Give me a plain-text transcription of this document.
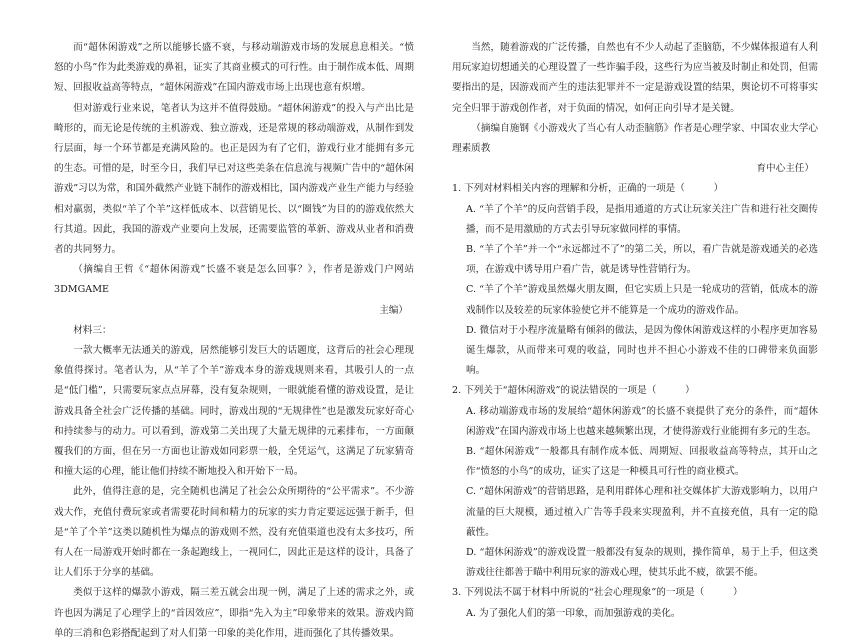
而“超休闲游戏”之所以能够长盛不衰，与移动端游戏市场的发展息息相关。“愤怒的小鸟”作为此类游戏的鼻祖，证实了其商业模式的可行性。由于制作成本低、周期短、回报收益高等特点，“超休闲游戏”在国内游戏市场上出现也意有炽增。

但对游戏行业来说，笔者认为这并不值得鼓励。“超休闲游戏”的投入与产出比是畸形的，而无论是传统的主机游戏、独立游戏，还是常规的移动端游戏，从制作到发行层面，每一个环节都是充满风险的。也正是因为有了它们，游戏行业才能拥有多元的生态。可惜的是，时至今日，我们早已对这些美条在信息流与视频广告中的“超休闲游戏”习以为常，和国外截然产业链下制作的游戏相比，国内游戏产业生产能力与经验相对羸弱，类似“羊了个羊”这样低成本、以营销见长、以“圈钱”为目的的游戏依然大行其道。因此，我国的游戏产业要向上发展，还需要监管的革新、游戏从业者和消费者的共同努力。

（摘编自王哲《“超休闲游戏”长盛不衰是怎么回事？》，作者是游戏门户网站 3DMGAME

主编）

材料三：

一款大概率无法通关的游戏，居然能够引发巨大的话题度，这背后的社会心理现象值得探讨。笔者认为，从“羊了个羊”游戏本身的游戏规则来看，其吸引人的一点是“低门槛”，只需要玩家点点屏幕，没有复杂规则，一眼就能看懂的游戏设置，是让游戏具备全社会广泛传播的基础。同时，游戏出现的“无规律性”也是激发玩家好奇心和持续参与的动力。可以看到，游戏第二关出现了大量无规律的元素排布，一方面颠覆我们的方面，但在另一方面也让游戏如同彩票一般，全凭运气，这满足了玩家猜奇和撞大运的心理，能让他们持续不断地投入和开始下一局。

此外，值得注意的是，完全随机也满足了社会公众所期待的“公平需求”。不少游戏大作，充值付费玩家或者需要花时间和精力的玩家的实力肯定要远远强于新手，但是“羊了个羊”这类以随机性为爆点的游戏则不然，没有充值渠道也没有太多技巧，所有人在一局游戏开始时都在一条起跑线上，一视同仁，因此正是这样的设计，具备了让人们乐于分享的基础。

类似于这样的爆款小游戏，隔三差五就会出现一例，满足了上述的需求之外，或许也因为满足了心理学上的“首因效应”，即指“先入为主”印象带来的效果。游戏内简单的三消和色彩搭配起到了对人们第一印象的美化作用，进而强化了其传播效果。

当然，随着游戏的广泛传播，自然也有不少人动起了歪脑筋，不少媒体报道有人利用玩家迫切想通关的心理设置了一些诈骗手段，这些行为应当被及时制止和处罚，但需要指出的是，因游戏而产生的违法犯罪并不一定是游戏设置的结果，舆论切不可将事实完全归罪于游戏创作者，对于负面的情况，如何正向引导才是关键。

（摘编自施钢《小游戏火了当心有人动歪脑筋》作者是心理学家、中国农业大学心理素质教

育中心主任）

1. 下列对材料相关内容的理解和分析，正确的一项是（　　　）

A. “羊了个羊”的反向营销手段，是指用通道的方式让玩家关注广告和进行社交圈传播，而不是用激励的方式去引导玩家做同样的事情。

B. “羊了个羊”并一个“永远都过不了”的第二关，所以，看广告就是游戏通关的必选项，在游戏中诱导用户看广告，就是诱导性营销行为。

C. “羊了个羊”游戏虽然爆火朋友圈，但它实质上只是一轮成功的营销，低成本的游戏制作以及较差的玩家体验使它并不能算是一个成功的游戏作品。

D. 微信对于小程序流量略有倾斜的做法，是因为像休闲游戏这样的小程序更加容易诞生爆款，从而带来可观的收益，同时也并不担心小游戏不佳的口碑带来负面影响。

2. 下列关于“超休闲游戏”的说法错误的一项是（　　　）

A. 移动端游戏市场的发展给“超休闲游戏”的长盛不衰提供了充分的条件，而“超休闲游戏”在国内游戏市场上也越来越频繁出现，才使得游戏行业能拥有多元的生态。

B. “超休闲游戏”一般都具有制作成本低、周期短、回报收益高等特点，其开山之作“愤怒的小鸟”的成功，证实了这是一种模具可行性的商业模式。

C. “超休闲游戏”的营销思路，是利用群体心理和社交媒体扩大游戏影响力，以用户流量的巨大规模，通过植入广告等手段来实现盈利，并不直接充值，具有一定的隐蔽性。

D. “超休闲游戏”的游戏设置一般都没有复杂的规则，操作简单，易于上手，但这类游戏往往都善于瞄中利用玩家的游戏心理，使其乐此不疲，欲罢不能。

3. 下列说法不属于材料中所说的“社会心理现象”的一项是（　　　）

A. 为了强化人们的第一印象，而加强游戏的美化。
